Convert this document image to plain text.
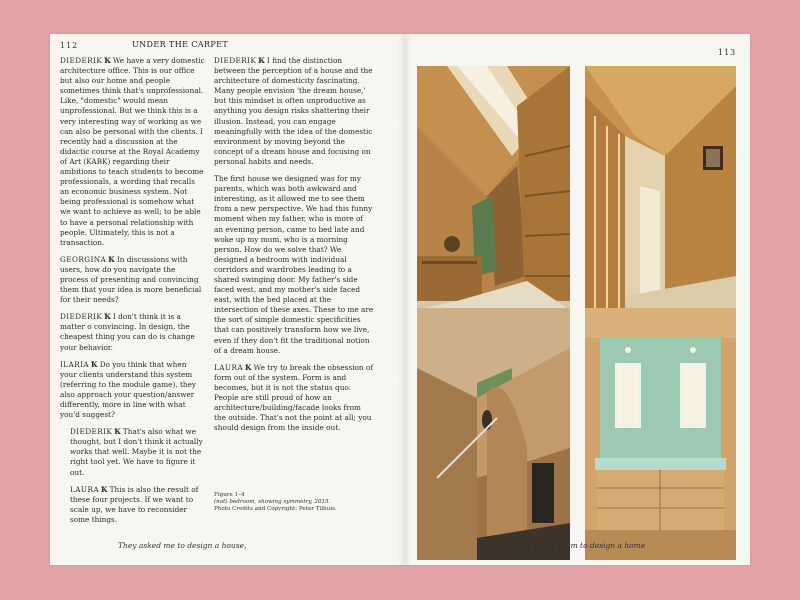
112	UNDER THE CARPET

DIEDERIK Ꝁ We have a very domestic architecture office. This is our office but also our home and people sometimes think that's unprofessional. Like, "domestic" would mean unprofessional. But we think this is a very interesting way of working as we can also be personal with the clients. I recently had a discussion at the didactic course at the Royal Academy of Art (KABK) regarding their ambitions to teach students to become professionals, a wording that recalls an economic business system. Not being professional is somehow what we want to achieve as well; to be able to have a personal relationship with people. Ultimately, this is not a transaction.

GEORGINA Ꝁ In discussions with users, how do you navigate the process of presenting and convincing them that your idea is more beneficial for their needs?

DIEDERIK Ꝁ I don't think it is a matter o convincing. In design, the cheapest thing you can do is change your behavior.

ILARIA Ꝁ Do you think that when your clients understand this system (referring to the module game), they also approach your question/answer differently, more in line with what you'd suggest?

DIEDERIK Ꝁ That's also what we thought, but I don't think it actually works that well. Maybe it is not the right tool yet. We have to figure it out.

LAURA Ꝁ This is also the result of these four projects. If we want to scale up, we have to reconsider some things.

DIEDERIK Ꝁ I find the distinction between the perception of a house and the architecture of domesticity fascinating. Many people envision 'the dream house,' but this mindset is often unproductive as anything you design risks shattering their illusion. Instead, you can engage meaningfully with the idea of the domestic environment by moving beyond the concept of a dream house and focusing on personal habits and needs.

The first house we designed was for my parents, which was both awkward and interesting, as it allowed me to see them from a new perspective. We had this funny moment when my father, who is more of an evening person, came to bed late and woke up my mum, who is a morning person. How do we solve that? We designed a bedroom with individual corridors and wardrobes leading to a shared swinging door. My father's side faced west, and my mother's side faced east, with the bed placed at the intersection of these axes. These to me are the sort of simple domestic specificities that can positively transform how we live, even if they don't fit the traditional notion of a dream house.

LAURA Ꝁ We try to break the obsession of form out of the system. Form is and becomes, but it is not the status quo. People are still proud of how an architecture/building/facade looks from the outside. That's not the point at all; you should design from the inside out.

Figure 1–4
(not) bedroom, showing symmetry, 2015.
Photo Credits and Copyright: Peter Tilhuis.
They asked me to design a house,
113
la-di-da asked them to design a home
